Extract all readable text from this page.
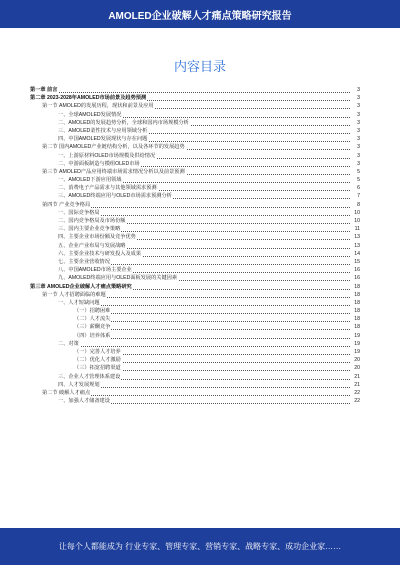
AMOLED企业破解人才痛点策略研究报告
内容目录
第一章 前言	3
第二章 2023-2028年AMOLED市场前景及趋势预测	3
第一节 AMOLED的发展历程，现状和前景及应用	3
一、全球AMOLED发展情况	3
二、AMOLED的发展趋势分析，全球和国内市场规模分析	3
三、AMOLED柔性技术与应用领域分析	3
四、中国AMOLED发展现状与存在问题	3
第二节 国内AMOLED产业链结构分析，以及各环节的发展趋势	3
一、上游原材料OLED市场规模及供给情况	3
二、中游面板制造与模组OLED市场	3
第三节 AMOLED产品应用终端市场需求情况分析以及前景预测	5
一、AMOLED下游应用领域	5
二、消费电子产品需求与其他领域需求预测	6
三、AMOLED终端应用与OLED市场需求预测分析	7
第四节 产业竞争格局	8
一、国际竞争格局	10
二、国内竞争格局及市场份额	10
三、国内主要企业竞争策略	11
四、主要企业市场份额及竞争优势	13
五、企业产业布局与发展战略	13
六、主要企业技术与研发投入及成果	14
七、主要企业营收情况	15
八、中国AMOLED市场主要企业	16
九、AMOLED终端应用与OLED面板发展的关键因素	16
第三章 AMOLED企业破解人才痛点策略研究	18
第一节 人才招聘面临的难题	18
一、人才短缺问题	18
（一）招聘困难	18
（二）人才流失	18
（三）薪酬竞争	18
（四）培养体系	19
二、对策	19
（一）完善人才培养	19
（二）优化人才激励	20
（三）拓宽招聘渠道	20
三、企业人才管理体系建设	21
四、人才发展规划	21
第二节 破解人才痛点	22
一、加强人才储备建设	22
让每个人都能成为 行业专家、管理专家、营销专家、战略专家、成功企业家……
